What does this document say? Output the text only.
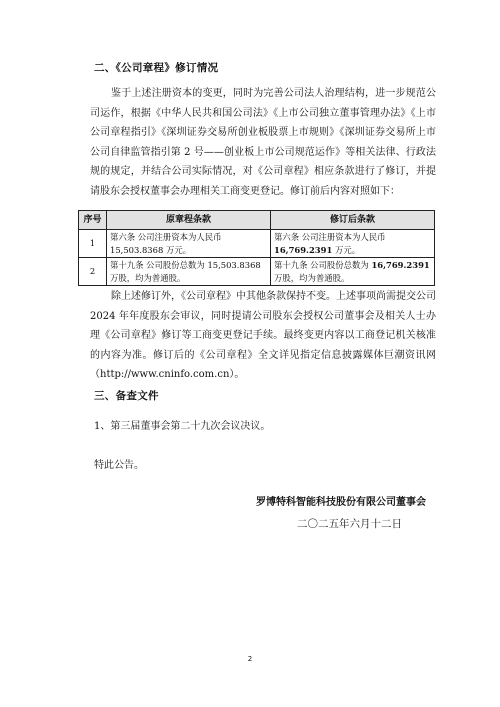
二、《公司章程》修订情况
鉴于上述注册资本的变更，同时为完善公司法人治理结构，进一步规范公司运作，根据《中华人民共和国公司法》《上市公司独立董事管理办法》《上市公司章程指引》《深圳证券交易所创业板股票上市规则》《深圳证券交易所上市公司自律监管指引第 2 号——创业板上市公司规范运作》等相关法律、行政法规的规定，并结合公司实际情况，对《公司章程》相应条款进行了修订，并提请股东会授权董事会办理相关工商变更登记。修订前后内容对照如下：
序号	原章程条款	修订后条款
1	第六条 公司注册资本为人民币 15,503.8368 万元。	第六条 公司注册资本为人民币 16,769.2391 万元。
2	第十九条 公司股份总数为 15,503.8368 万股，均为普通股。	第十九条 公司股份总数为 16,769.2391 万股，均为普通股。
除上述修订外，《公司章程》中其他条款保持不变。上述事项尚需提交公司 2024 年年度股东会审议，同时提请公司股东会授权公司董事会及相关人士办理《公司章程》修订等工商变更登记手续。最终变更内容以工商登记机关核准的内容为准。修订后的《公司章程》全文详见指定信息披露媒体巨潮资讯网（http://www.cninfo.com.cn）。
三、备查文件
1、第三届董事会第二十九次会议决议。
特此公告。
罗博特科智能科技股份有限公司董事会
二〇二五年六月十二日
2
